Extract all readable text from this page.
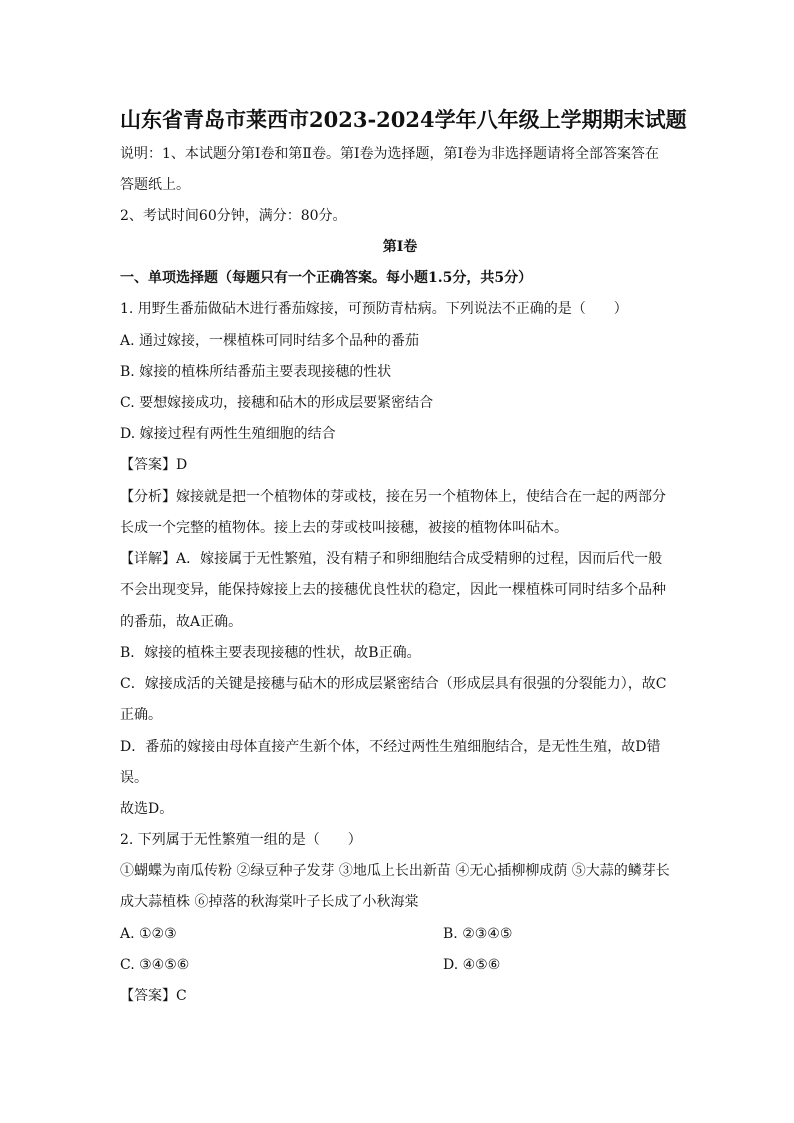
山东省青岛市莱西市2023-2024学年八年级上学期期末试题
说明：1、本试题分第I卷和第Ⅱ卷。第I卷为选择题，第I卷为非选择题请将全部答案答在
答题纸上。
2、考试时间60分钟，满分：80分。
第I卷
一、单项选择题（每题只有一个正确答案。每小题1.5分，共5分）
1. 用野生番茄做砧木进行番茄嫁接，可预防青枯病。下列说法不正确的是（　　）
A. 通过嫁接，一棵植株可同时结多个品种的番茄
B. 嫁接的植株所结番茄主要表现接穗的性状
C. 要想嫁接成功，接穗和砧木的形成层要紧密结合
D. 嫁接过程有两性生殖细胞的结合
【答案】D
【分析】嫁接就是把一个植物体的芽或枝，接在另一个植物体上，使结合在一起的两部分
长成一个完整的植物体。接上去的芽或枝叫接穗，被接的植物体叫砧木。
【详解】A．嫁接属于无性繁殖，没有精子和卵细胞结合成受精卵的过程，因而后代一般
不会出现变异，能保持嫁接上去的接穗优良性状的稳定，因此一棵植株可同时结多个品种
的番茄，故A正确。
B．嫁接的植株主要表现接穗的性状，故B正确。
C．嫁接成活的关键是接穗与砧木的形成层紧密结合（形成层具有很强的分裂能力），故C
正确。
D．番茄的嫁接由母体直接产生新个体，不经过两性生殖细胞结合，是无性生殖，故D错
误。
故选D。
2. 下列属于无性繁殖一组的是（　　）
①蝴蝶为南瓜传粉 ②绿豆种子发芽 ③地瓜上长出新苗 ④无心插柳柳成荫 ⑤大蒜的鳞芽长
成大蒜植株 ⑥掉落的秋海棠叶子长成了小秋海棠
A. ①②③	B. ②③④⑤
C. ③④⑤⑥	D. ④⑤⑥
【答案】C
